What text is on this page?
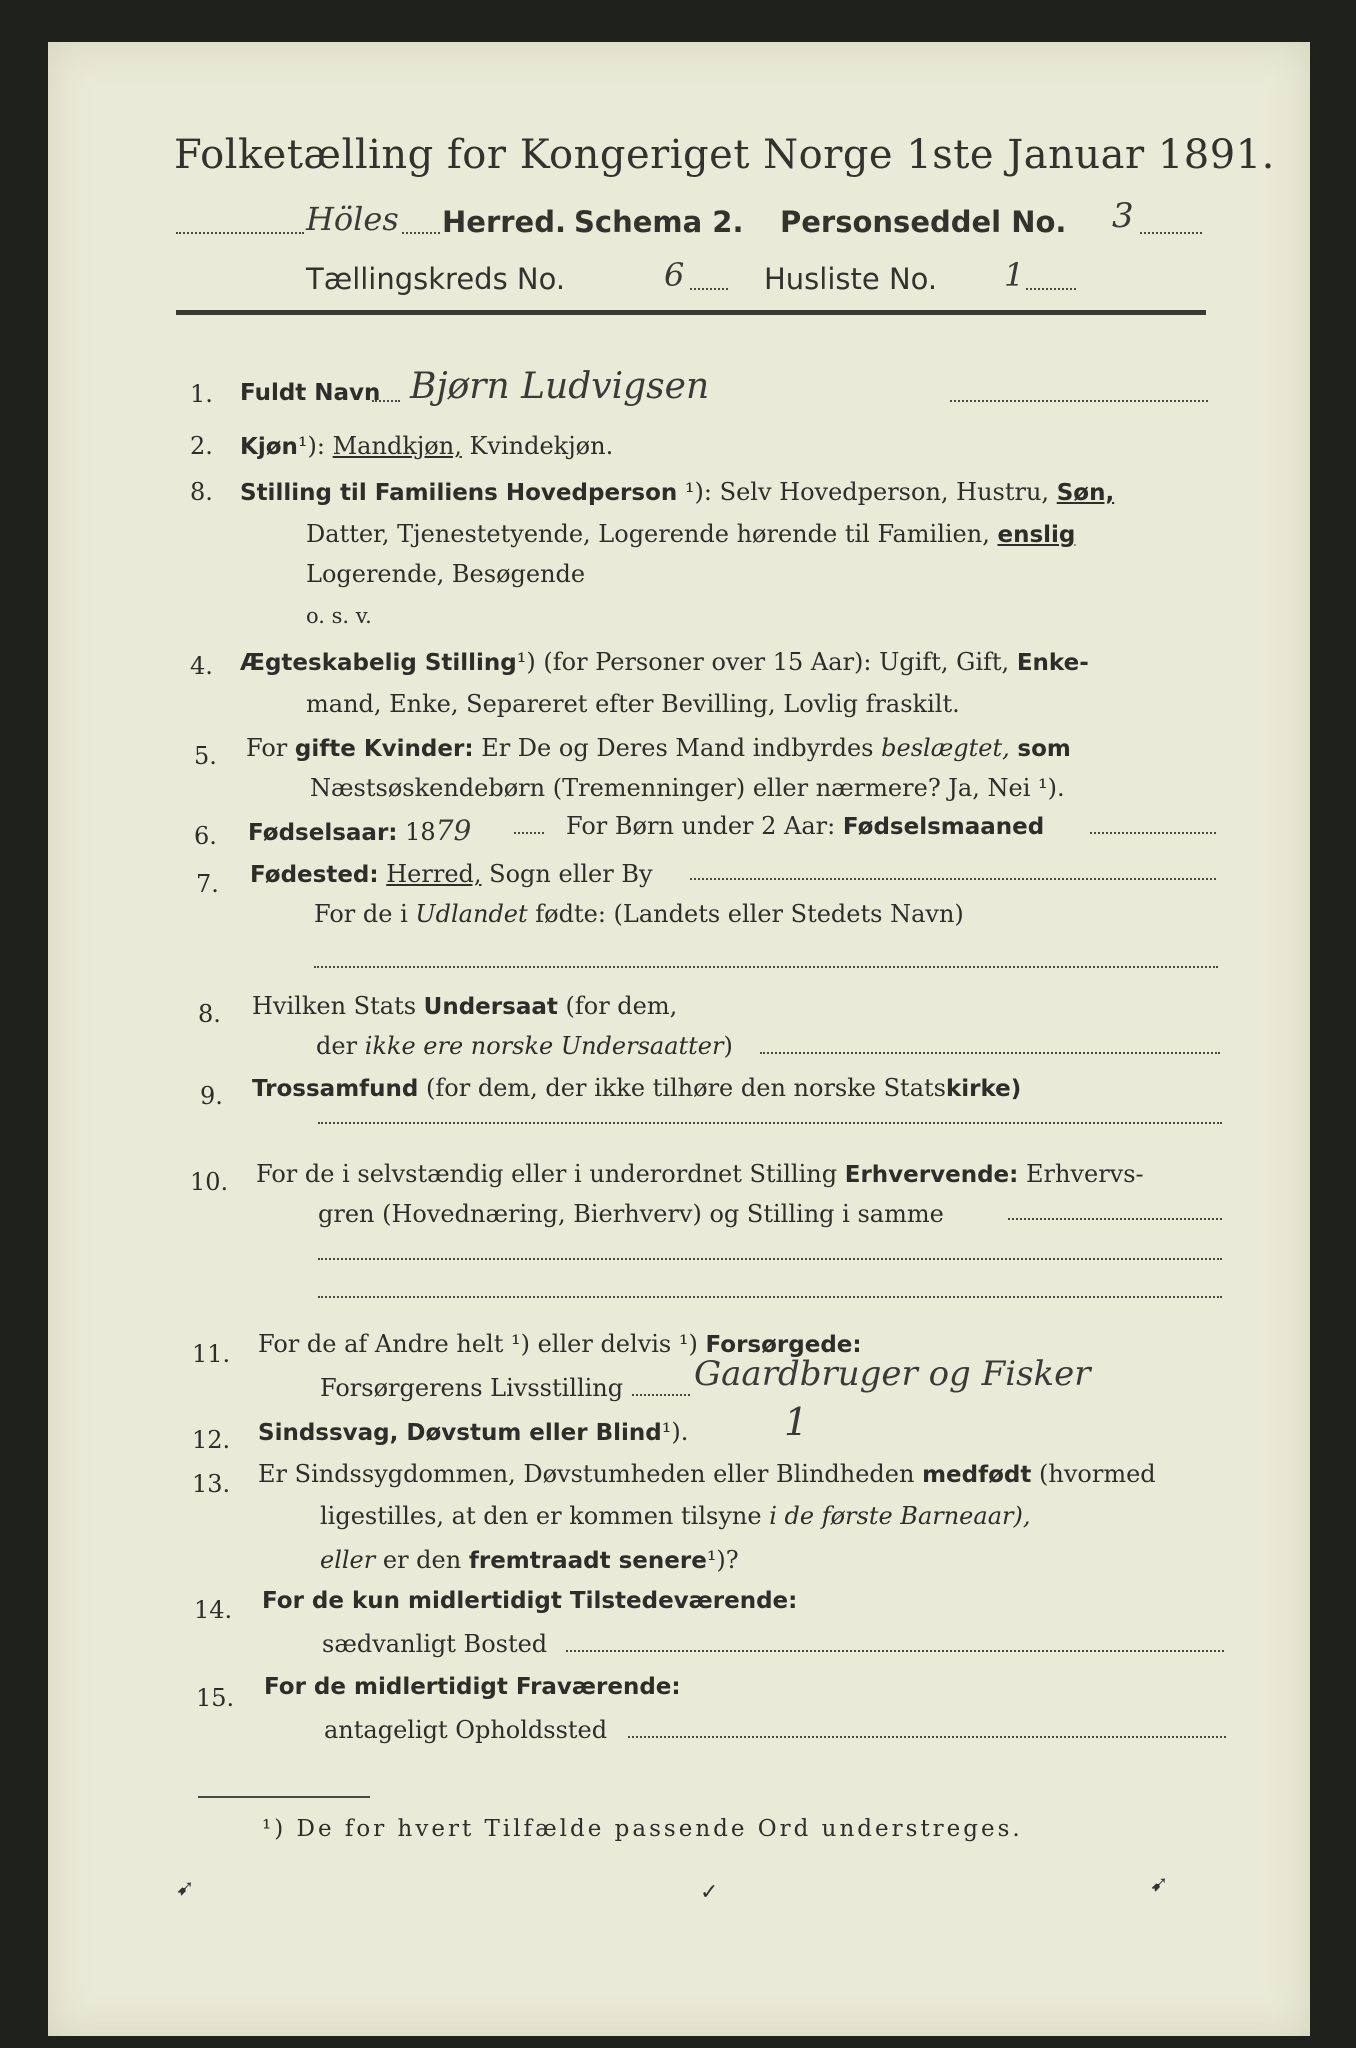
Folketælling for Kongeriget Norge 1ste Januar 1891.
Höles Herred. Schema 2. Personseddel No. 3
Tællingskreds No.	6	Husliste No. 1
1. Fuldt Navn Bjørn Ludvigsen
2. Kjøn¹): Mandkjøn, Kvindekjøn.
8. Stilling til Familiens Hovedperson ¹): Selv Hovedperson, Hustru, Søn,
Datter, Tjenestetyende, Logerende hørende til Familien, enslig
Logerende, Besøgende
o. s. v.
4. Ægteskabelig Stilling¹) (for Personer over 15 Aar): Ugift, Gift, Enke-
mand, Enke, Separeret efter Bevilling, Lovlig fraskilt.
5. For gifte Kvinder: Er De og Deres Mand indbyrdes beslægtet, som
Næstsøskendebørn (Tremenninger) eller nærmere? Ja, Nei ¹).
6. Fødselsaar: 1879	For Børn under 2 Aar: Fødselsmaaned
7. Fødested: Herred, Sogn eller By
For de i Udlandet fødte: (Landets eller Stedets Navn)
8. Hvilken Stats Undersaat (for dem,
der ikke ere norske Undersaatter)
9. Trossamfund (for dem, der ikke tilhøre den norske Statskirke)
10. For de i selvstændig eller i underordnet Stilling Erhvervende: Erhvervs-
gren (Hovednæring, Bierhverv) og Stilling i samme
11. For de af Andre helt ¹) eller delvis ¹) Forsørgede:
Forsørgerens Livsstilling Gaardbruger og Fisker
12. Sindssvag, Døvstum eller Blind¹).	1
13. Er Sindssygdommen, Døvstumheden eller Blindheden medfødt (hvormed
ligestilles, at den er kommen tilsyne i de første Barneaar),
eller er den fremtraadt senere¹)?
14. For de kun midlertidigt Tilstedeværende:
sædvanligt Bosted
15. For de midlertidigt Fraværende:
antageligt Opholdssted
¹) De for hvert Tilfælde passende Ord understreges.
➹	✓	➹
